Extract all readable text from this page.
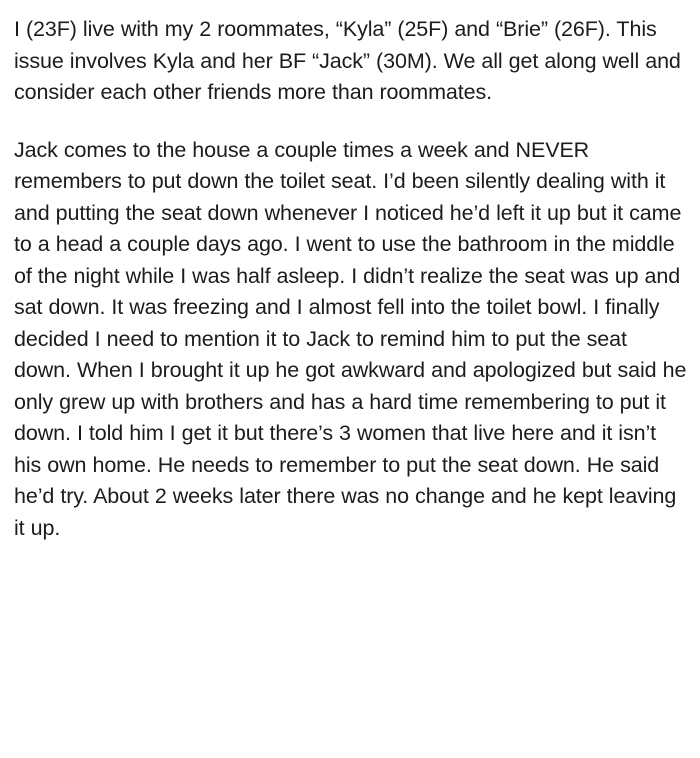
I (23F) live with my 2 roommates, “Kyla” (25F) and “Brie” (26F). This issue involves Kyla and her BF “Jack” (30M). We all get along well and consider each other friends more than roommates.

Jack comes to the house a couple times a week and NEVER remembers to put down the toilet seat. I’d been silently dealing with it and putting the seat down whenever I noticed he’d left it up but it came to a head a couple days ago. I went to use the bathroom in the middle of the night while I was half asleep. I didn’t realize the seat was up and sat down. It was freezing and I almost fell into the toilet bowl. I finally decided I need to mention it to Jack to remind him to put the seat down. When I brought it up he got awkward and apologized but said he only grew up with brothers and has a hard time remembering to put it down. I told him I get it but there’s 3 women that live here and it isn’t his own home. He needs to remember to put the seat down. He said he’d try. About 2 weeks later there was no change and he kept leaving it up.
